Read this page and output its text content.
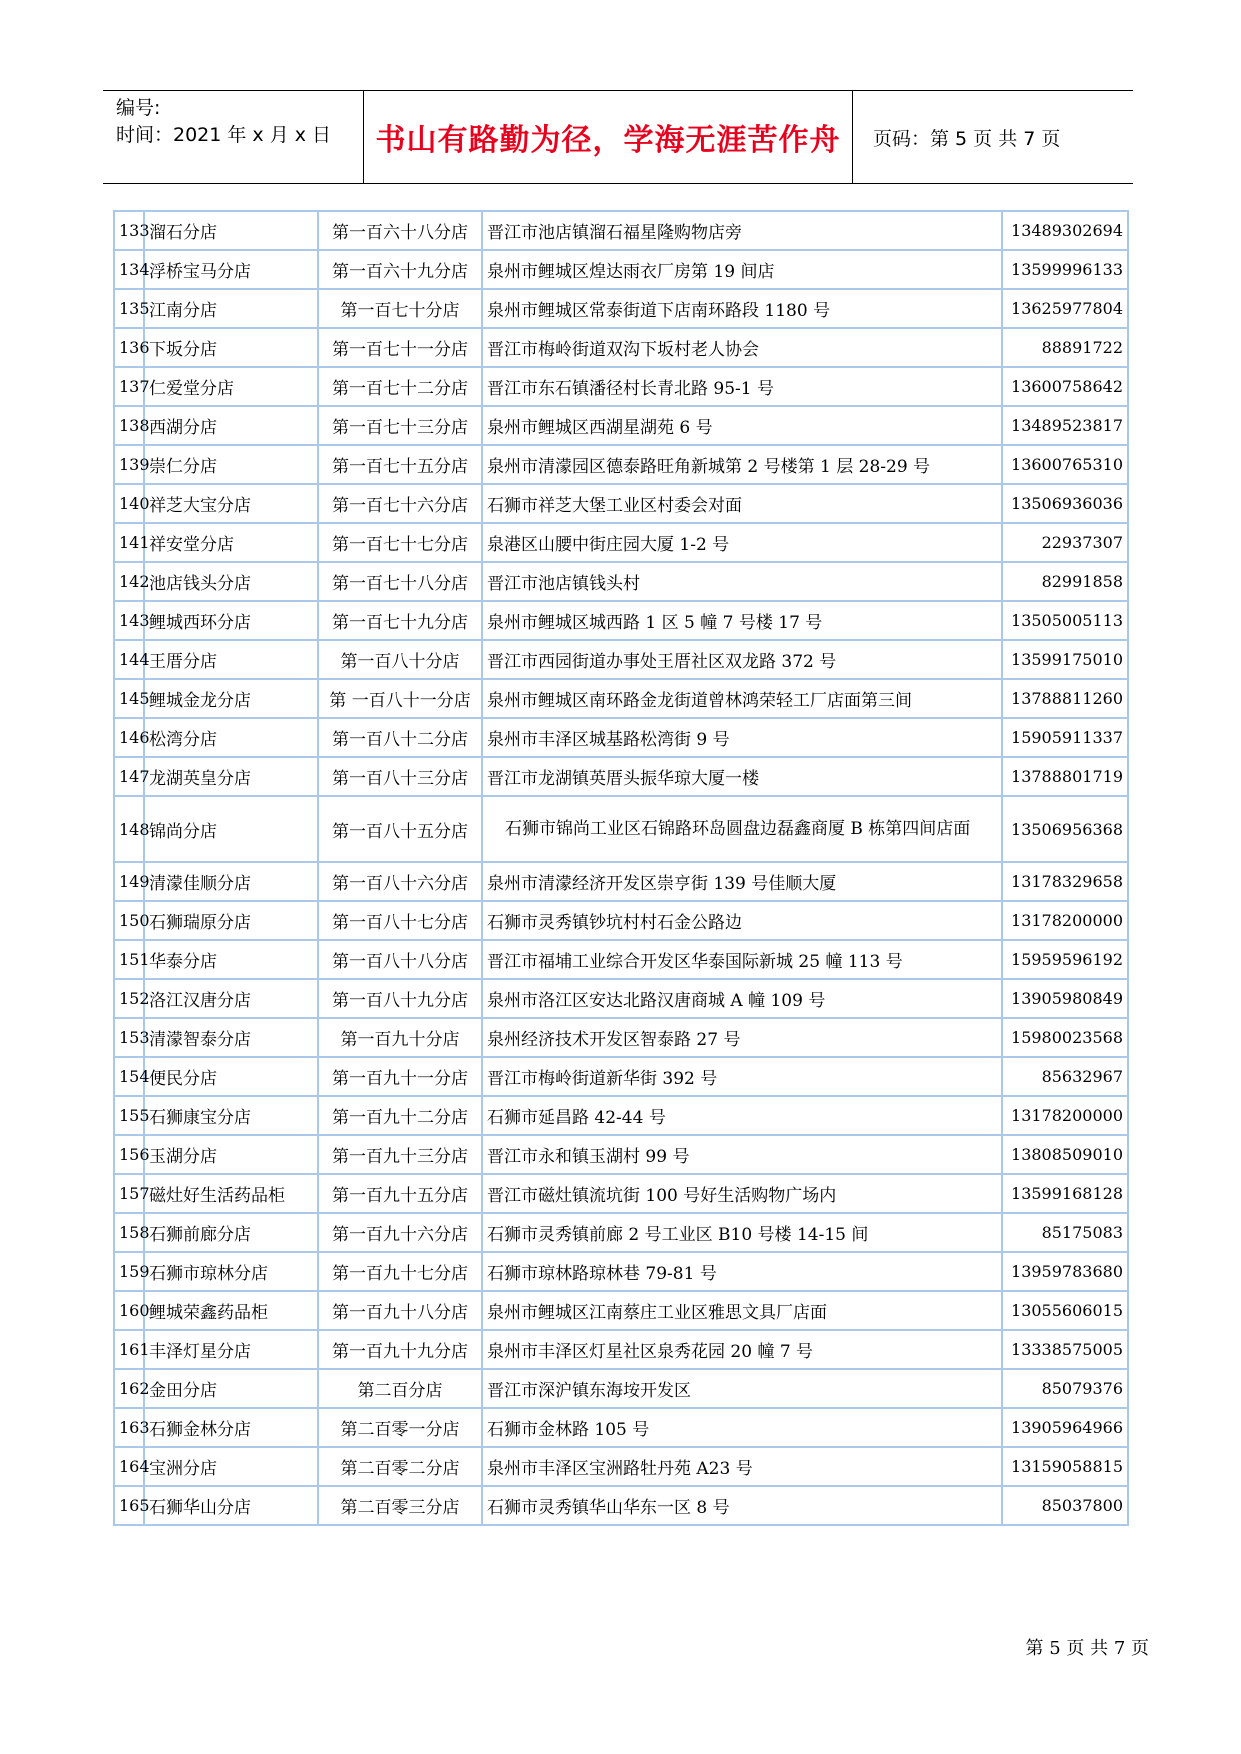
编号:
时间：2021 年 x 月 x 日	书山有路勤为径，学海无涯苦作舟	页码：第 5 页 共 7 页
133	溜石分店	第一百六十八分店	晋江市池店镇溜石福星隆购物店旁	13489302694
134	浮桥宝马分店	第一百六十九分店	泉州市鲤城区煌达雨衣厂房第 19 间店	13599996133
135	江南分店	第一百七十分店	泉州市鲤城区常泰街道下店南环路段 1180 号	13625977804
136	下坂分店	第一百七十一分店	晋江市梅岭街道双沟下坂村老人协会	88891722
137	仁爱堂分店	第一百七十二分店	晋江市东石镇潘径村长青北路 95-1 号	13600758642
138	西湖分店	第一百七十三分店	泉州市鲤城区西湖星湖苑 6 号	13489523817
139	崇仁分店	第一百七十五分店	泉州市清濛园区德泰路旺角新城第 2 号楼第 1 层 28-29 号	13600765310
140	祥芝大宝分店	第一百七十六分店	石狮市祥芝大堡工业区村委会对面	13506936036
141	祥安堂分店	第一百七十七分店	泉港区山腰中街庄园大厦 1-2 号	22937307
142	池店钱头分店	第一百七十八分店	晋江市池店镇钱头村	82991858
143	鲤城西环分店	第一百七十九分店	泉州市鲤城区城西路 1 区 5 幢 7 号楼 17 号	13505005113
144	王厝分店	第一百八十分店	晋江市西园街道办事处王厝社区双龙路 372 号	13599175010
145	鲤城金龙分店	第 一百八十一分店	泉州市鲤城区南环路金龙街道曾林鸿荣轻工厂店面第三间	13788811260
146	松湾分店	第一百八十二分店	泉州市丰泽区城基路松湾街 9 号	15905911337
147	龙湖英皇分店	第一百八十三分店	晋江市龙湖镇英厝头振华琼大厦一楼	13788801719
148	锦尚分店	第一百八十五分店	石狮市锦尚工业区石锦路环岛圆盘边磊鑫商厦 B 栋第四间店面	13506956368
149	清濛佳顺分店	第一百八十六分店	泉州市清濛经济开发区崇亨街 139 号佳顺大厦	13178329658
150	石狮瑞原分店	第一百八十七分店	石狮市灵秀镇钞坑村村石金公路边	13178200000
151	华泰分店	第一百八十八分店	晋江市福埔工业综合开发区华泰国际新城 25 幢 113 号	15959596192
152	洛江汉唐分店	第一百八十九分店	泉州市洛江区安达北路汉唐商城 A 幢 109 号	13905980849
153	清濛智泰分店	第一百九十分店	泉州经济技术开发区智泰路 27 号	15980023568
154	便民分店	第一百九十一分店	晋江市梅岭街道新华街 392 号	85632967
155	石狮康宝分店	第一百九十二分店	石狮市延昌路 42-44 号	13178200000
156	玉湖分店	第一百九十三分店	晋江市永和镇玉湖村 99 号	13808509010
157	磁灶好生活药品柜	第一百九十五分店	晋江市磁灶镇流坑街 100 号好生活购物广场内	13599168128
158	石狮前廊分店	第一百九十六分店	石狮市灵秀镇前廊 2 号工业区 B10 号楼 14-15 间	85175083
159	石狮市琼林分店	第一百九十七分店	石狮市琼林路琼林巷 79-81 号	13959783680
160	鲤城荣鑫药品柜	第一百九十八分店	泉州市鲤城区江南蔡庄工业区雅思文具厂店面	13055606015
161	丰泽灯星分店	第一百九十九分店	泉州市丰泽区灯星社区泉秀花园 20 幢 7 号	13338575005
162	金田分店	第二百分店	晋江市深沪镇东海垵开发区	85079376
163	石狮金林分店	第二百零一分店	石狮市金林路 105 号	13905964966
164	宝洲分店	第二百零二分店	泉州市丰泽区宝洲路牡丹苑 A23 号	13159058815
165	石狮华山分店	第二百零三分店	石狮市灵秀镇华山华东一区 8 号	85037800
第 5 页 共 7 页
